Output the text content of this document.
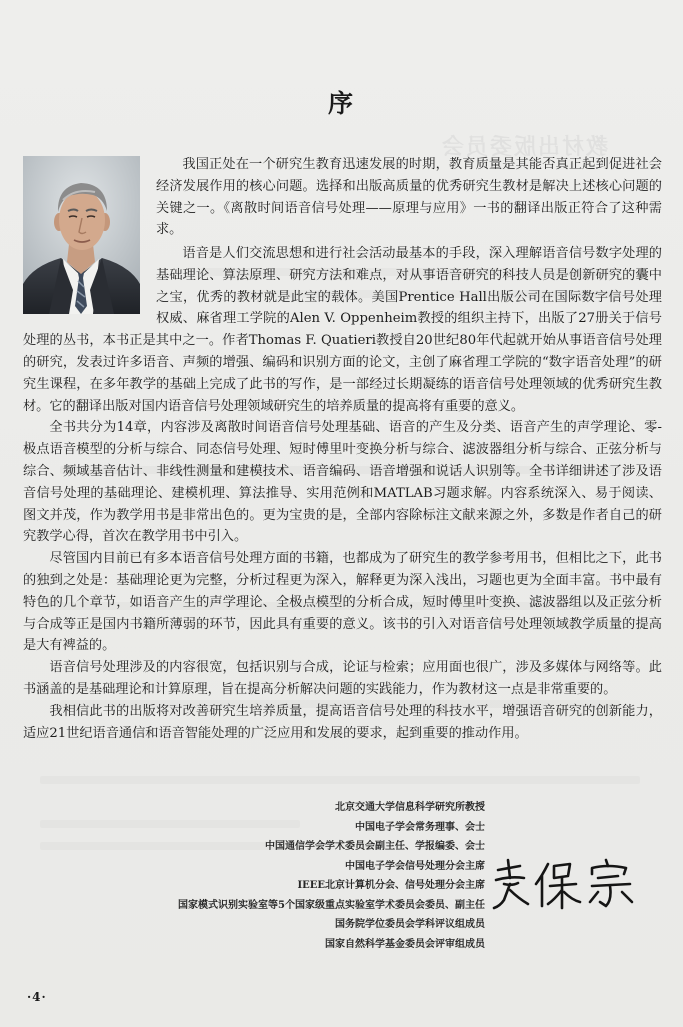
教材出版委员会
序

我国正处在一个研究生教育迅速发展的时期，教育质量是其能否真正起到促进社会经济发展作用的核心问题。选择和出版高质量的优秀研究生教材是解决上述核心问题的关键之一。《离散时间语音信号处理——原理与应用》一书的翻译出版正符合了这种需求。

语音是人们交流思想和进行社会活动最基本的手段，深入理解语音信号数字处理的基础理论、算法原理、研究方法和难点，对从事语音研究的科技人员是创新研究的囊中之宝，优秀的教材就是此宝的载体。美国Prentice Hall出版公司在国际数字信号处理权威、麻省理工学院的Alen V. Oppenheim教授的组织主持下，出版了27册关于信号处理的丛书，本书正是其中之一。作者Thomas F. Quatieri教授自20世纪80年代起就开始从事语音信号处理的研究，发表过许多语音、声频的增强、编码和识别方面的论文，主创了麻省理工学院的“数字语音处理”的研究生课程，在多年教学的基础上完成了此书的写作，是一部经过长期凝练的语音信号处理领域的优秀研究生教材。它的翻译出版对国内语音信号处理领域研究生的培养质量的提高将有重要的意义。

全书共分为14章，内容涉及离散时间语音信号处理基础、语音的产生及分类、语音产生的声学理论、零-极点语音模型的分析与综合、同态信号处理、短时傅里叶变换分析与综合、滤波器组分析与综合、正弦分析与综合、频域基音估计、非线性测量和建模技术、语音编码、语音增强和说话人识别等。全书详细讲述了涉及语音信号处理的基础理论、建模机理、算法推导、实用范例和MATLAB习题求解。内容系统深入、易于阅读、图文并茂，作为教学用书是非常出色的。更为宝贵的是，全部内容除标注文献来源之外，多数是作者自己的研究教学心得，首次在教学用书中引入。

尽管国内目前已有多本语音信号处理方面的书籍，也都成为了研究生的教学参考用书，但相比之下，此书的独到之处是：基础理论更为完整，分析过程更为深入，解释更为深入浅出，习题也更为全面丰富。书中最有特色的几个章节，如语音产生的声学理论、全极点模型的分析合成，短时傅里叶变换、滤波器组以及正弦分析与合成等正是国内书籍所薄弱的环节，因此具有重要的意义。该书的引入对语音信号处理领域教学质量的提高是大有裨益的。

语音信号处理涉及的内容很宽，包括识别与合成，论证与检索；应用面也很广，涉及多媒体与网络等。此书涵盖的是基础理论和计算原理，旨在提高分析解决问题的实践能力，作为教材这一点是非常重要的。

我相信此书的出版将对改善研究生培养质量，提高语音信号处理的科技水平，增强语音研究的创新能力，适应21世纪语音通信和语音智能处理的广泛应用和发展的要求，起到重要的推动作用。

北京交通大学信息科学研究所教授
中国电子学会常务理事、会士
中国通信学会学术委员会副主任、学报编委、会士
中国电子学会信号处理分会主席
IEEE北京计算机分会、信号处理分会主席
国家模式识别实验室等5个国家级重点实验室学术委员会委员、副主任
国务院学位委员会学科评议组成员
国家自然科学基金委员会评审组成员
·4·
